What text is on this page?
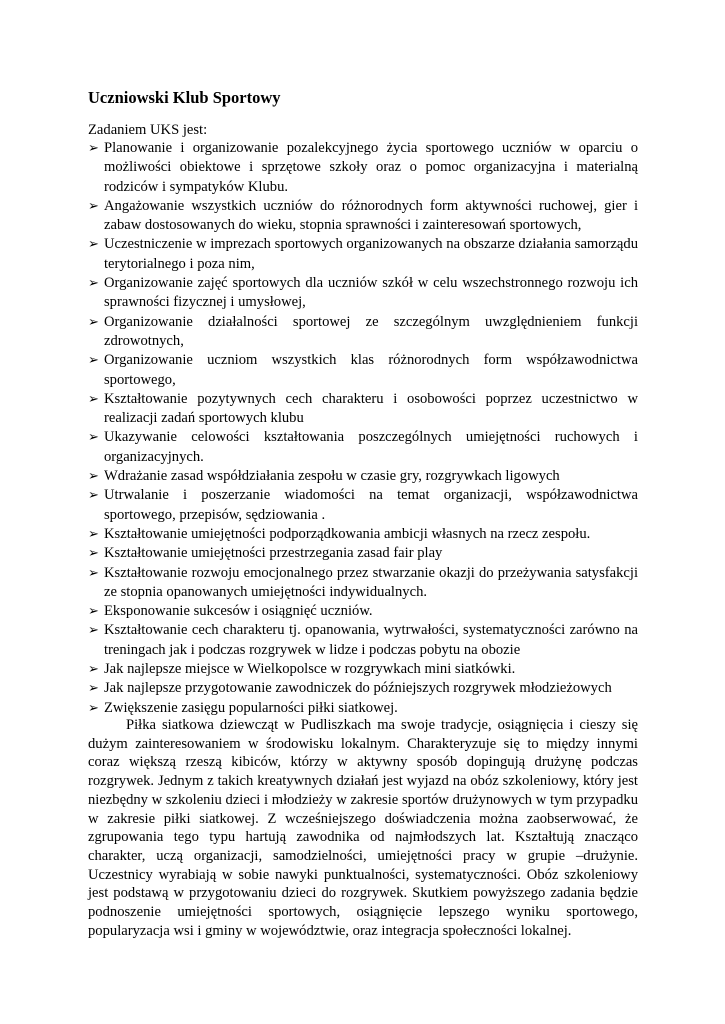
Uczniowski Klub Sportowy

Zadaniem UKS jest:

➢ Planowanie i organizowanie pozalekcyjnego życia sportowego uczniów w oparciu o możliwości obiektowe i sprzętowe szkoły oraz o pomoc organizacyjna i materialną rodziców i sympatyków Klubu.
➢ Angażowanie wszystkich uczniów do różnorodnych form aktywności ruchowej, gier i zabaw dostosowanych do wieku, stopnia sprawności i zainteresowań sportowych,
➢ Uczestniczenie w imprezach sportowych organizowanych na obszarze działania samorządu terytorialnego i poza nim,
➢ Organizowanie zajęć sportowych dla uczniów szkół w celu wszechstronnego rozwoju ich sprawności fizycznej i umysłowej,
➢ Organizowanie działalności sportowej ze szczególnym uwzględnieniem funkcji zdrowotnych,
➢ Organizowanie uczniom wszystkich klas różnorodnych form współzawodnictwa sportowego,
➢ Kształtowanie pozytywnych cech charakteru i osobowości poprzez uczestnictwo w realizacji zadań sportowych klubu
➢ Ukazywanie celowości kształtowania poszczególnych umiejętności ruchowych i organizacyjnych.
➢ Wdrażanie zasad współdziałania zespołu w czasie gry, rozgrywkach ligowych
➢ Utrwalanie i poszerzanie wiadomości na temat organizacji, współzawodnictwa sportowego, przepisów, sędziowania .
➢ Kształtowanie umiejętności podporządkowania ambicji własnych na rzecz zespołu.
➢ Kształtowanie umiejętności przestrzegania zasad fair play
➢ Kształtowanie rozwoju emocjonalnego przez stwarzanie okazji do przeżywania satysfakcji ze stopnia opanowanych umiejętności indywidualnych.
➢ Eksponowanie sukcesów i osiągnięć uczniów.
➢ Kształtowanie cech charakteru tj. opanowania, wytrwałości, systematyczności zarówno na treningach jak i podczas rozgrywek w lidze i podczas pobytu na obozie
➢ Jak najlepsze miejsce w Wielkopolsce w rozgrywkach mini siatkówki.
➢ Jak najlepsze przygotowanie zawodniczek do późniejszych rozgrywek młodzieżowych
➢ Zwiększenie zasięgu popularności piłki siatkowej.

Piłka siatkowa dziewcząt w Pudliszkach ma swoje tradycje, osiągnięcia i cieszy się dużym zainteresowaniem w środowisku lokalnym. Charakteryzuje się to między innymi coraz większą rzeszą kibiców, którzy w aktywny sposób dopingują drużynę podczas rozgrywek. Jednym z takich kreatywnych działań jest wyjazd na obóz szkoleniowy, który jest niezbędny w szkoleniu dzieci i młodzieży w zakresie sportów drużynowych w tym przypadku w zakresie piłki siatkowej. Z wcześniejszego doświadczenia można zaobserwować, że zgrupowania tego typu hartują zawodnika od najmłodszych lat. Kształtują znacząco charakter, uczą organizacji, samodzielności, umiejętności pracy w grupie –drużynie. Uczestnicy wyrabiają w sobie nawyki punktualności, systematyczności. Obóz szkoleniowy jest podstawą w przygotowaniu dzieci do rozgrywek. Skutkiem powyższego zadania będzie podnoszenie umiejętności sportowych, osiągnięcie lepszego wyniku sportowego, popularyzacja wsi i gminy w województwie, oraz integracja społeczności lokalnej.
